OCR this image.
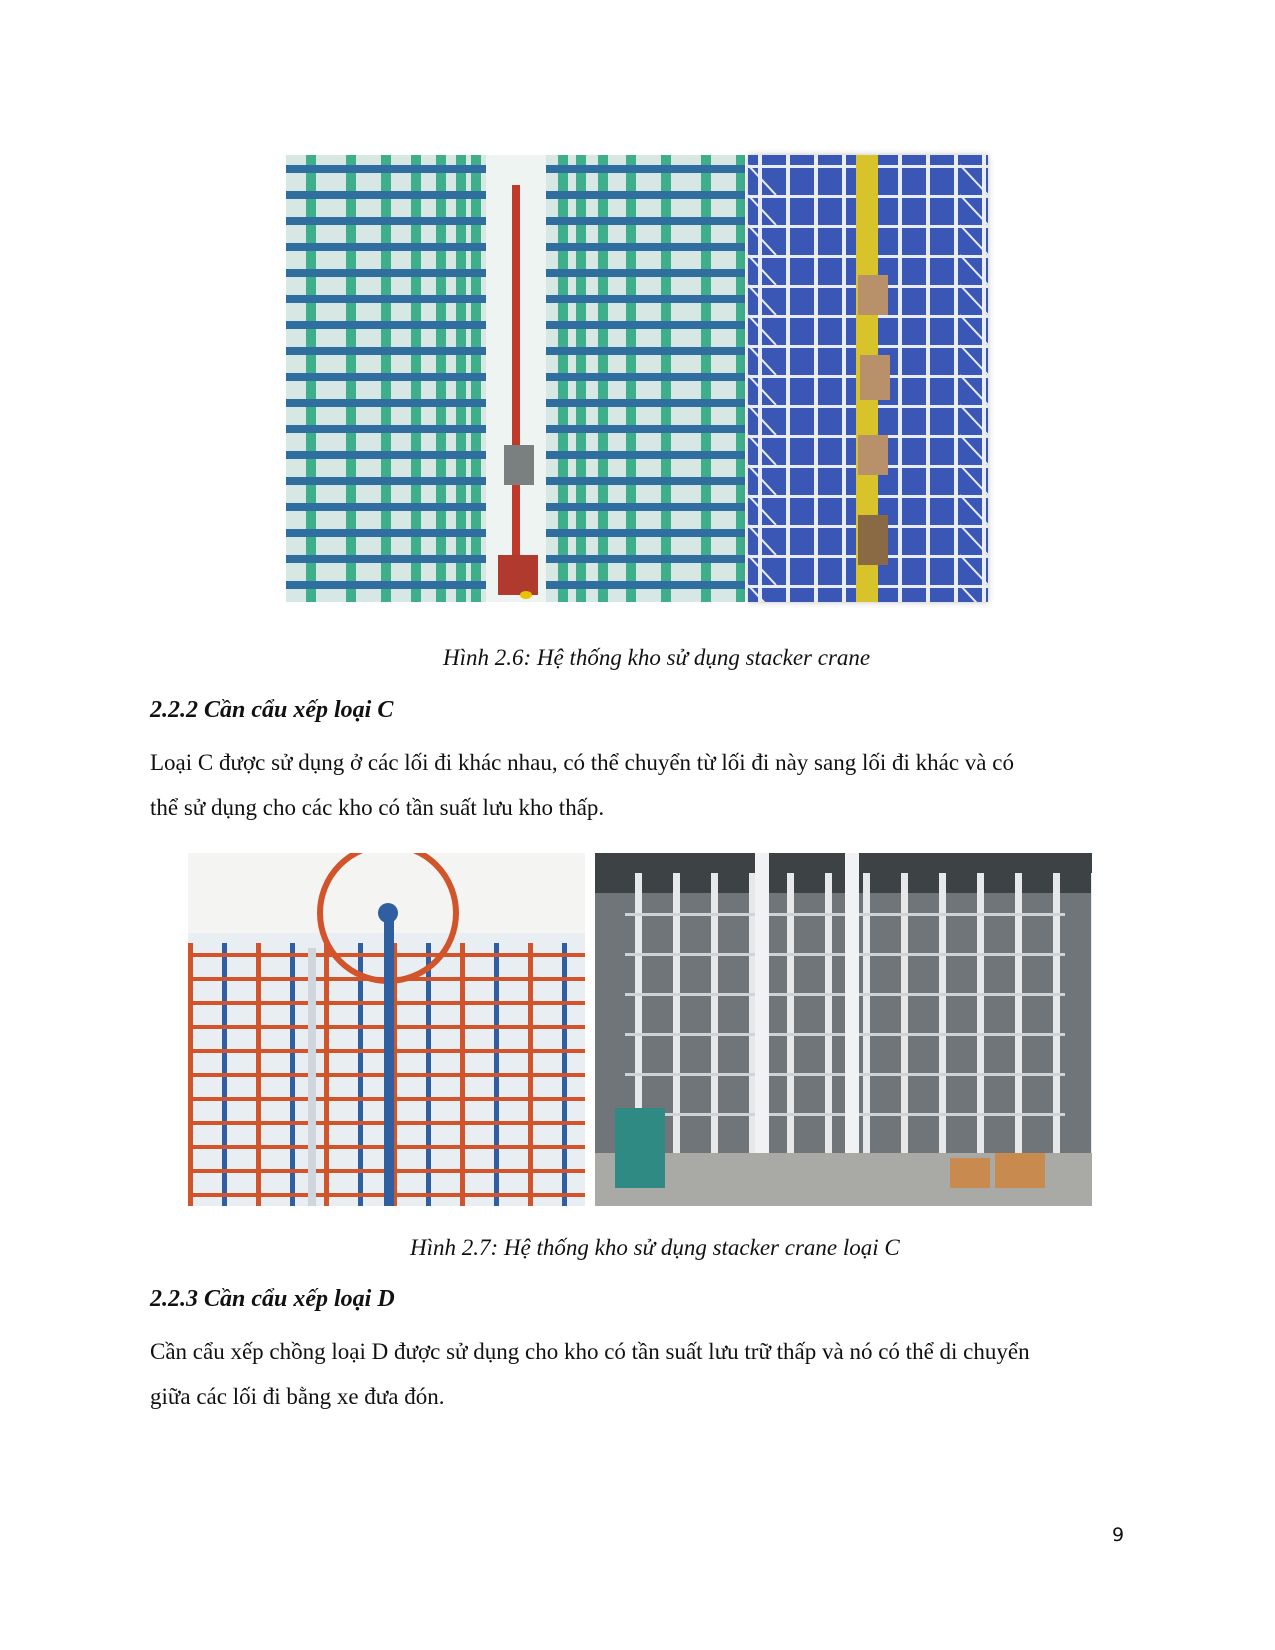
Hình 2.6: Hệ thống kho sử dụng stacker crane
2.2.2 Cần cẩu xếp loại C
Loại C được sử dụng ở các lối đi khác nhau, có thể chuyển từ lối đi này sang lối đi khác và có
thể sử dụng cho các kho có tần suất lưu kho thấp.
Hình 2.7: Hệ thống kho sử dụng stacker crane loại C
2.2.3 Cần cẩu xếp loại D
Cần cẩu xếp chồng loại D được sử dụng cho kho có tần suất lưu trữ thấp và nó có thể di chuyển
giữa các lối đi bằng xe đưa đón.
9
